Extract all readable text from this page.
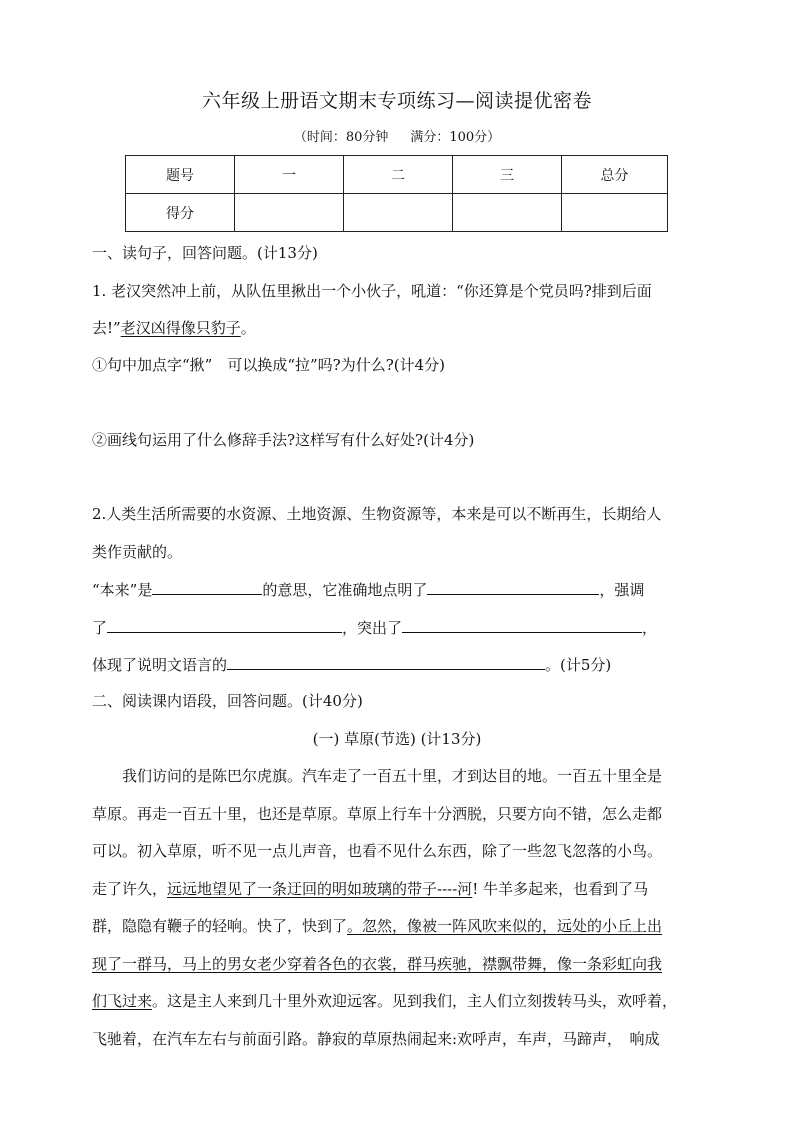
六年级上册语文期末专项练习—阅读提优密卷
（时间：80分钟 满分：100分）
题号	一	二	三	总分
得分				
一、读句子，回答问题。(计13分)
1. 老汉突然冲上前，从队伍里揪出一个小伙子，吼道：“你还算是个党员吗?排到后面
去!”老汉凶得像只豹子。
①句中加点字“揪”　可以换成“拉”吗?为什么?(计4分)
②画线句运用了什么修辞手法?这样写有什么好处?(计4分)
2.人类生活所需要的水资源、土地资源、生物资源等，本来是可以不断再生，长期给人
类作贡献的。
“本来”是	的意思，它准确地点明了	，强调
了	，突出了	，
体现了说明文语言的	。(计5分)
二、阅读课内语段，回答问题。(计40分)
(一) 草原(节选) (计13分)
我们访问的是陈巴尔虎旗。汽车走了一百五十里，才到达目的地。一百五十里全是
草原。再走一百五十里，也还是草原。草原上行车十分洒脱，只要方向不错，怎么走都
可以。初入草原，听不见一点儿声音，也看不见什么东西，除了一些忽飞忽落的小鸟。
走了许久，远远地望见了一条迂回的明如玻璃的带子----河! 牛羊多起来，也看到了马
群，隐隐有鞭子的轻响。快了，快到了。忽然，像被一阵风吹来似的，远处的小丘上出
现了一群马，马上的男女老少穿着各色的衣裳，群马疾驰，襟飘带舞，像一条彩虹向我
们飞过来。这是主人来到几十里外欢迎远客。见到我们，主人们立刻拨转马头，欢呼着，
飞驰着，在汽车左右与前面引路。静寂的草原热闹起来:欢呼声，车声，马蹄声，　响成
